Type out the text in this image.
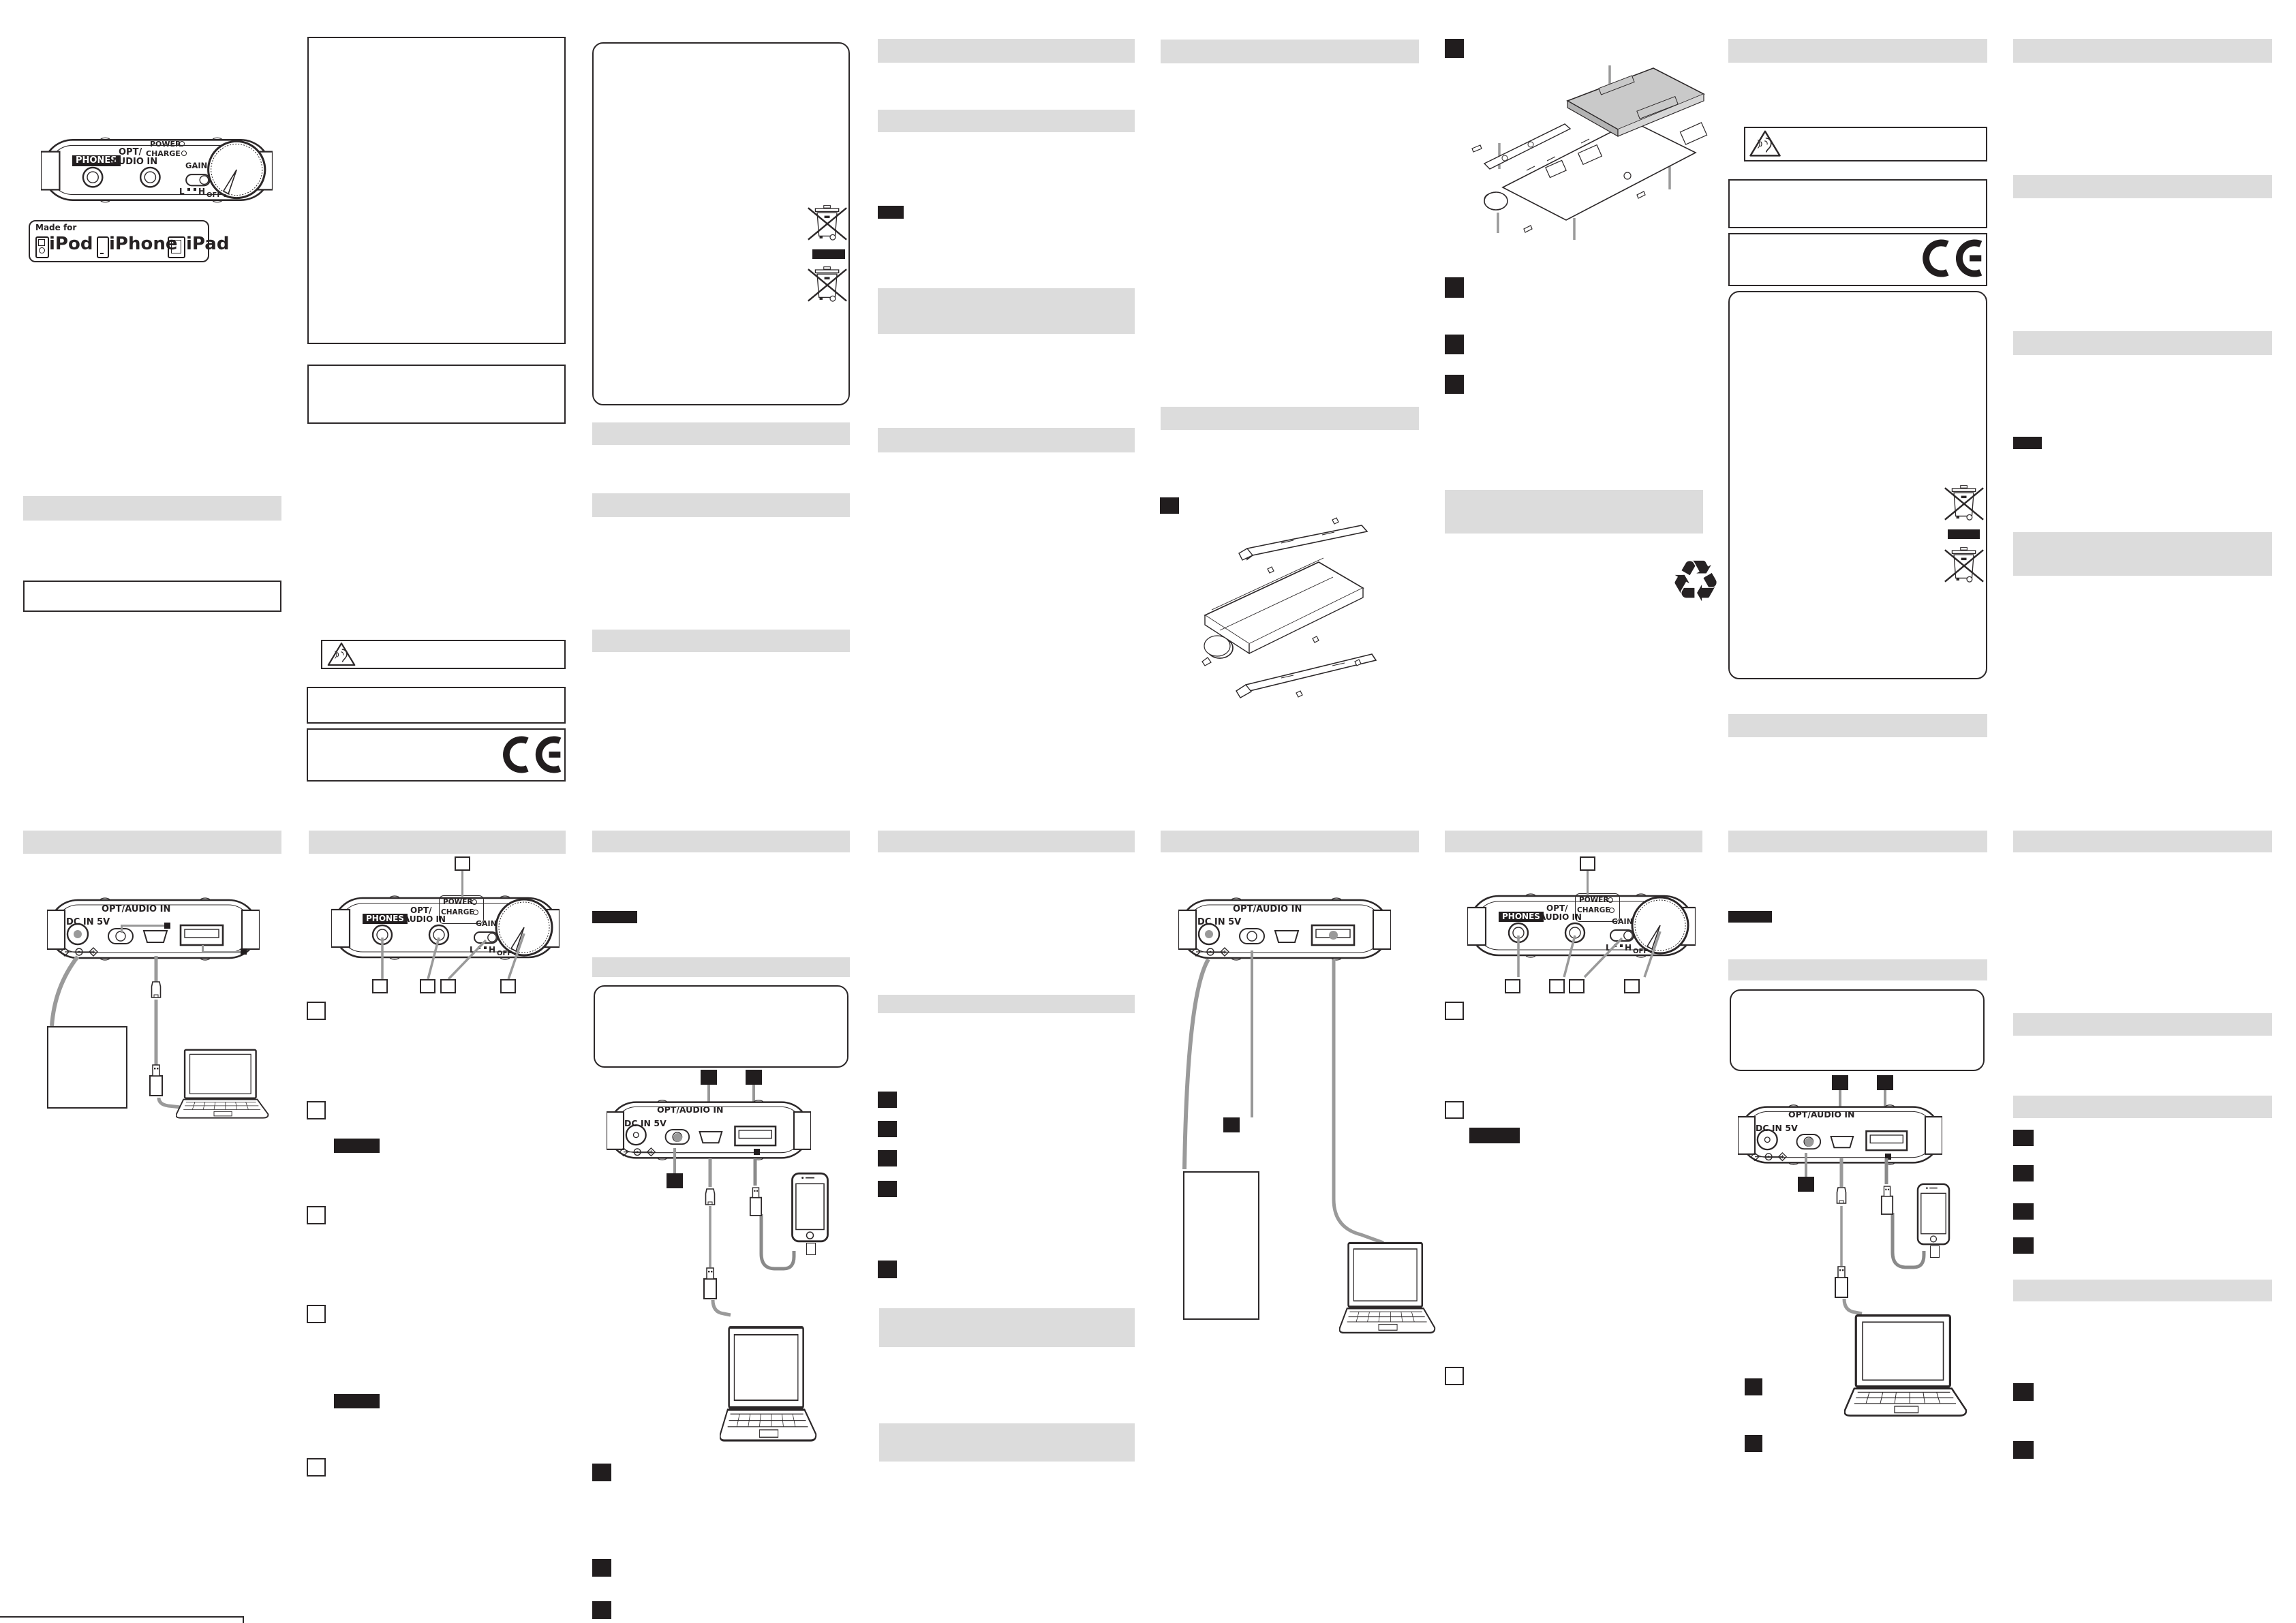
PHONES
OPT/
AUDIO IN
POWER
CHARGE
GAIN
L H OFF
Made for
iPod iPhone iPad
OPT/AUDIO IN
DC IN 5V	PHONES
OPT/
AUDIO IN
POWER
CHARGE
GAIN
L H OFF
OPT/AUDIO IN
DC IN 5V
OPT/AUDIO IN
DC IN 5V
♻
PHONES
OPT/
AUDIO IN
POWER
CHARGE
GAIN
L H OFF
OPT/AUDIO IN
DC IN 5V
